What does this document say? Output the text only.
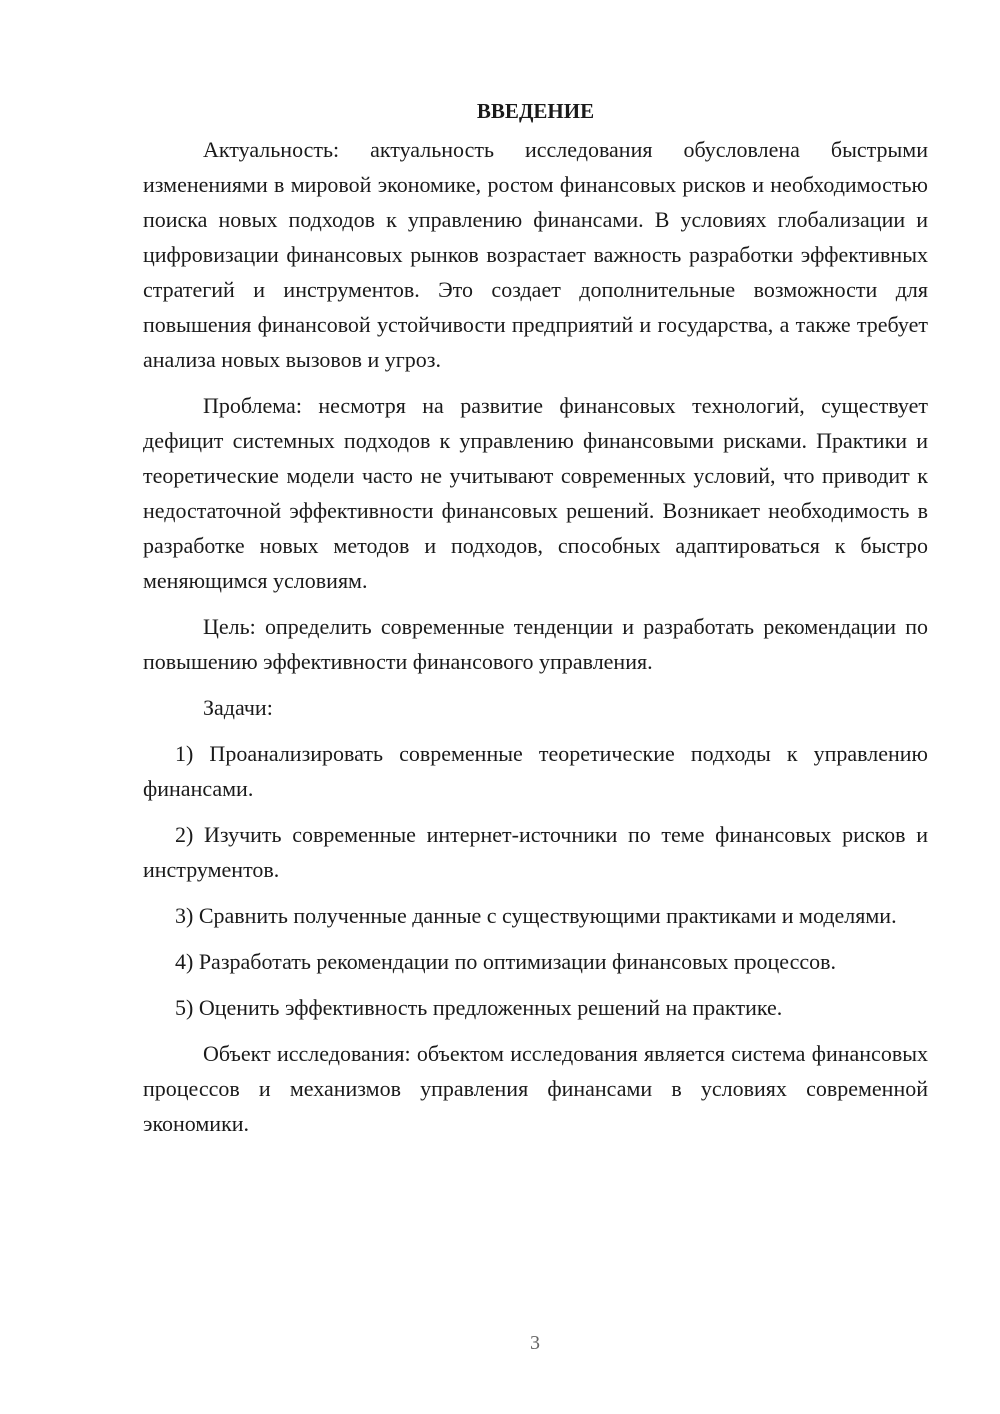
ВВЕДЕНИЕ

Актуальность: актуальность исследования обусловлена быстрыми изменениями в мировой экономике, ростом финансовых рисков и необходимостью поиска новых подходов к управлению финансами. В условиях глобализации и цифровизации финансовых рынков возрастает важность разработки эффективных стратегий и инструментов. Это создает дополнительные возможности для повышения финансовой устойчивости предприятий и государства, а также требует анализа новых вызовов и угроз.

Проблема: несмотря на развитие финансовых технологий, существует дефицит системных подходов к управлению финансовыми рисками. Практики и теоретические модели часто не учитывают современных условий, что приводит к недостаточной эффективности финансовых решений. Возникает необходимость в разработке новых методов и подходов, способных адаптироваться к быстро меняющимся условиям.

Цель: определить современные тенденции и разработать рекомендации по повышению эффективности финансового управления.

Задачи:

1) Проанализировать современные теоретические подходы к управлению финансами.

2) Изучить современные интернет-источники по теме финансовых рисков и инструментов.

3) Сравнить полученные данные с существующими практиками и моделями.

4) Разработать рекомендации по оптимизации финансовых процессов.

5) Оценить эффективность предложенных решений на практике.

Объект исследования: объектом исследования является система финансовых процессов и механизмов управления финансами в условиях современной экономики.

3
